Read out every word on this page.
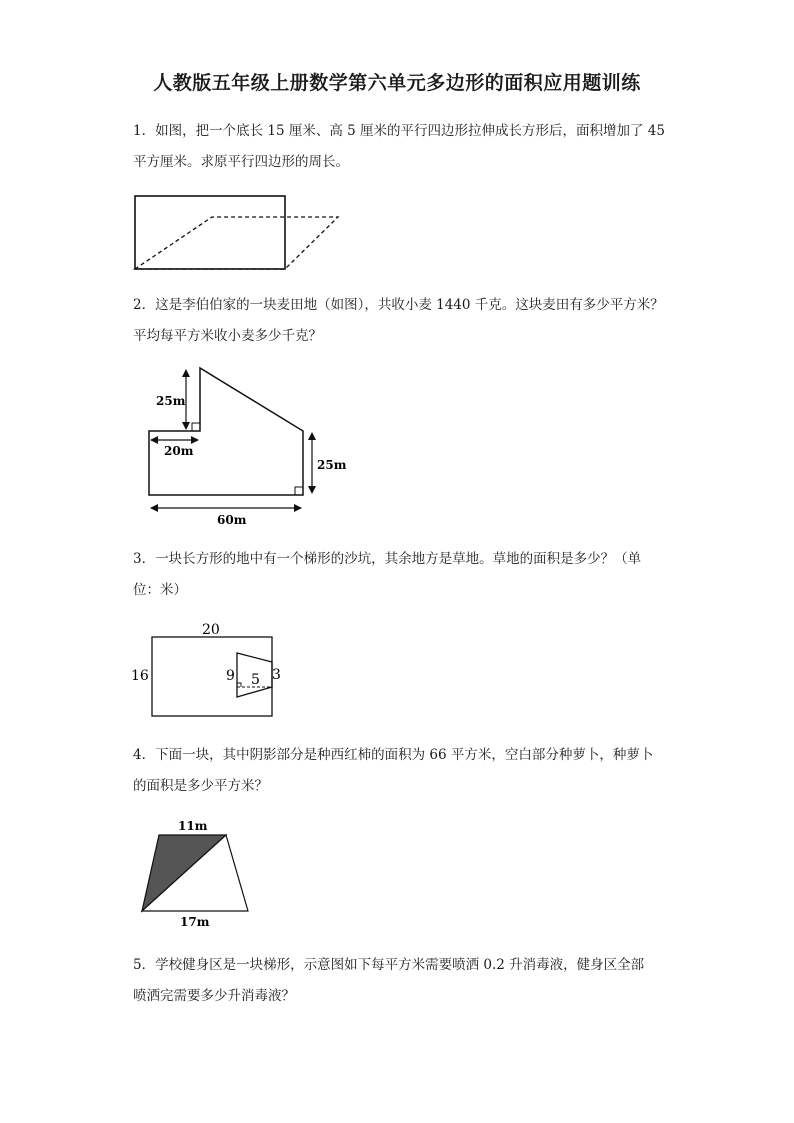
人教版五年级上册数学第六单元多边形的面积应用题训练
1．如图，把一个底长 15 厘米、高 5 厘米的平行四边形拉伸成长方形后，面积增加了 45
平方厘米。求原平行四边形的周长。
2．这是李伯伯家的一块麦田地（如图），共收小麦 1440 千克。这块麦田有多少平方米？
平均每平方米收小麦多少千克？
25m
20m
25m
60m
3．一块长方形的地中有一个梯形的沙坑，其余地方是草地。草地的面积是多少？（单
位：米）
20
16	9 5 3
4．下面一块，其中阴影部分是种西红柿的面积为 66 平方米，空白部分种萝卜，种萝卜
的面积是多少平方米？
11m
17m
5．学校健身区是一块梯形，示意图如下每平方米需要喷洒 0.2 升消毒液，健身区全部
喷洒完需要多少升消毒液？
